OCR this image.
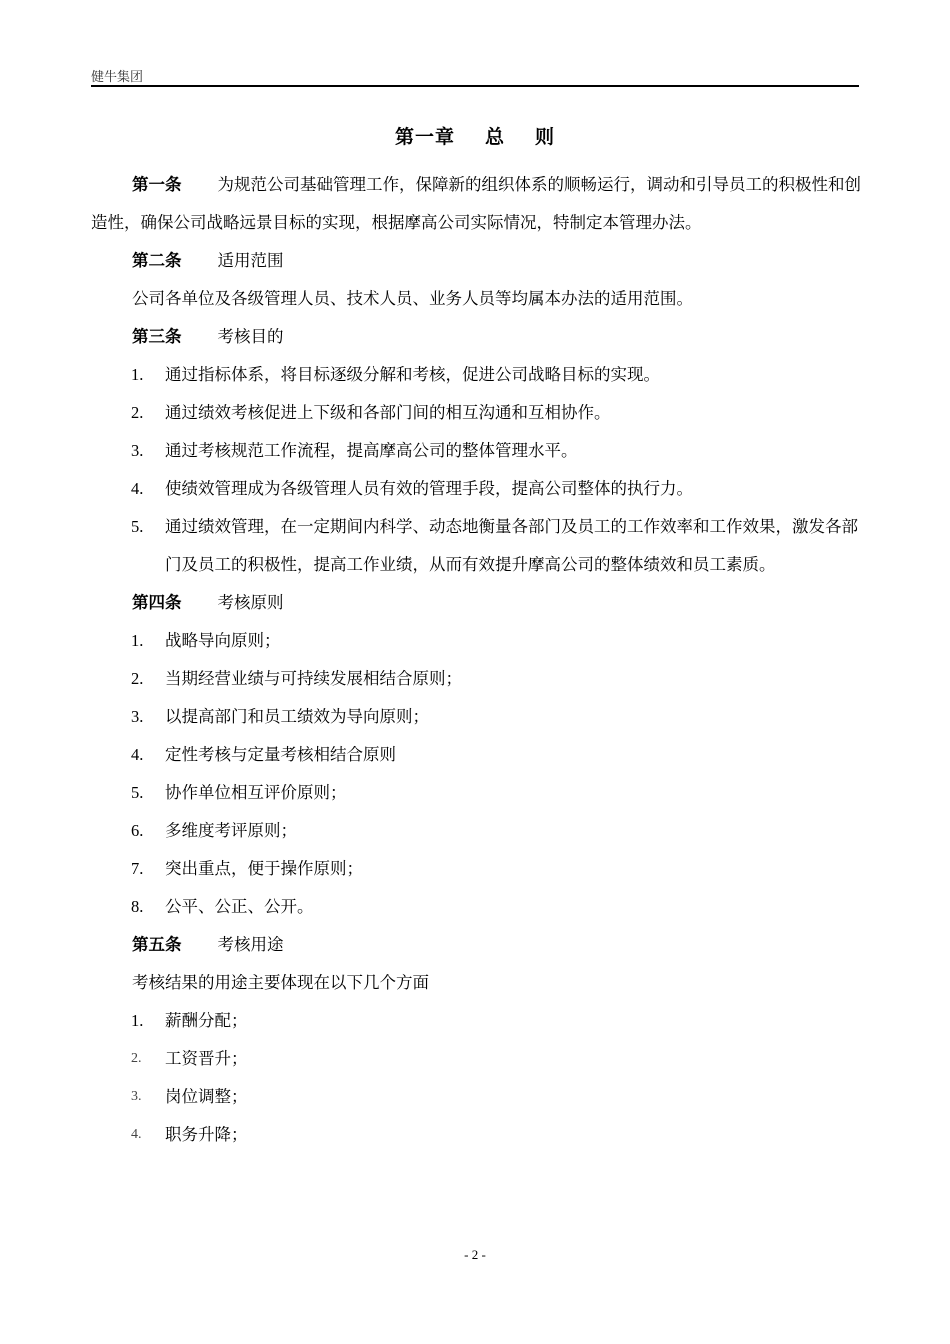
健牛集团
第一章 总 则

第一条 为规范公司基础管理工作，保障新的组织体系的顺畅运行，调动和引导员工的积极性和创造性，确保公司战略远景目标的实现，根据摩高公司实际情况，特制定本管理办法。

第二条 适用范围

公司各单位及各级管理人员、技术人员、业务人员等均属本办法的适用范围。

第三条 考核目的

1. 通过指标体系，将目标逐级分解和考核，促进公司战略目标的实现。

2. 通过绩效考核促进上下级和各部门间的相互沟通和互相协作。

3. 通过考核规范工作流程，提高摩高公司的整体管理水平。

4. 使绩效管理成为各级管理人员有效的管理手段，提高公司整体的执行力。

5. 通过绩效管理，在一定期间内科学、动态地衡量各部门及员工的工作效率和工作效果，激发各部门及员工的积极性，提高工作业绩，从而有效提升摩高公司的整体绩效和员工素质。

第四条 考核原则

1. 战略导向原则；

2. 当期经营业绩与可持续发展相结合原则；

3. 以提高部门和员工绩效为导向原则；

4. 定性考核与定量考核相结合原则

5. 协作单位相互评价原则；

6. 多维度考评原则；

7. 突出重点，便于操作原则；

8. 公平、公正、公开。

第五条 考核用途

考核结果的用途主要体现在以下几个方面

1. 薪酬分配；

2. 工资晋升；

3. 岗位调整；

4. 职务升降；

- 2 -
